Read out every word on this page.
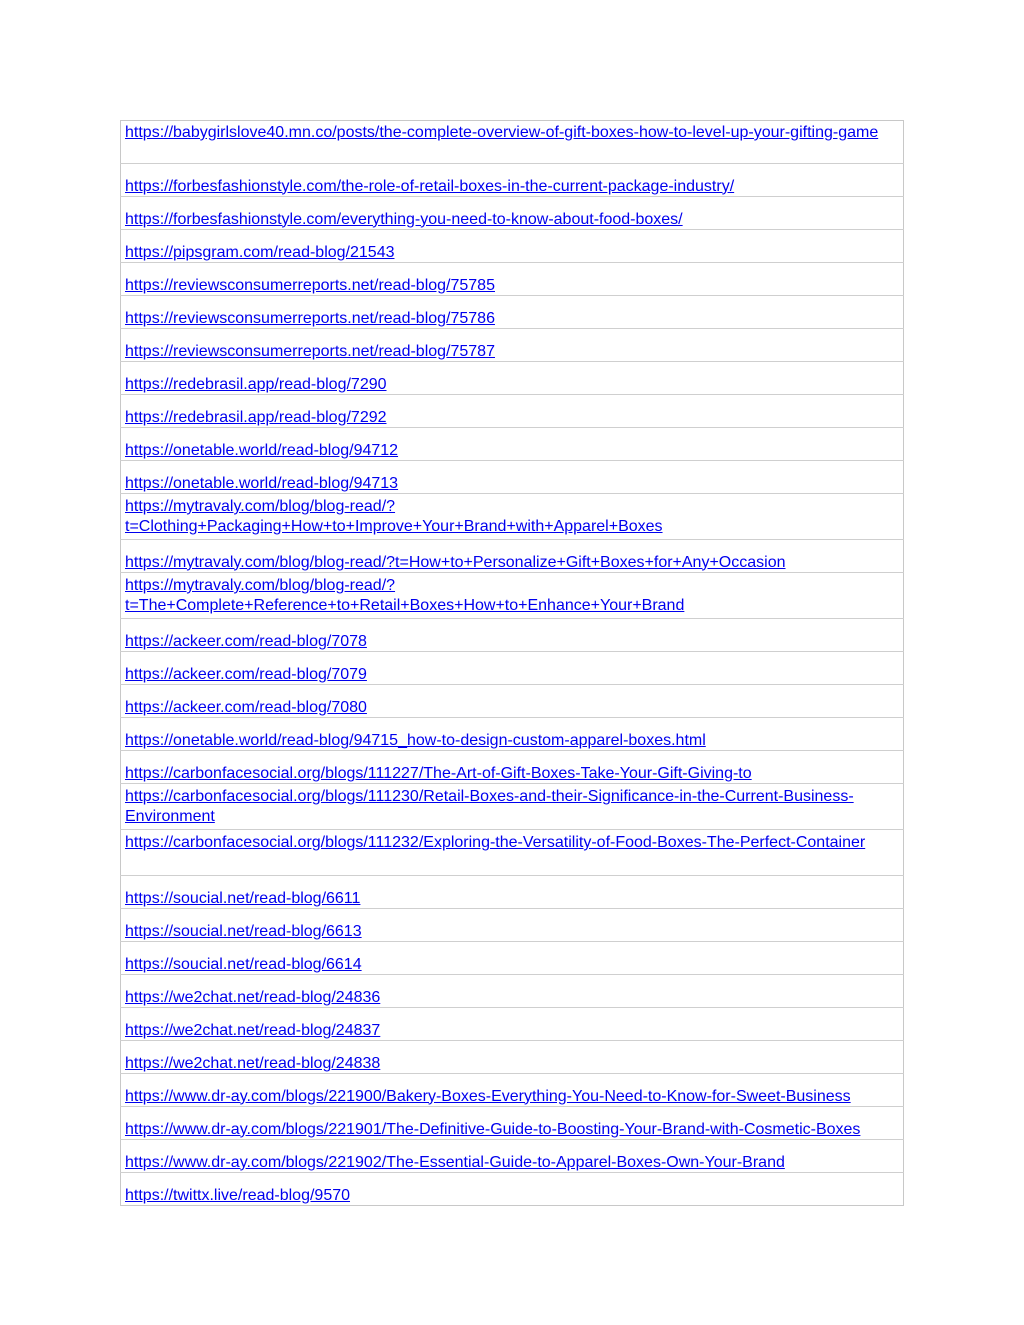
https://babygirlslove40.mn.co/posts/the-complete-overview-of-gift-boxes-how-to-level-up-your-gifting-game
https://forbesfashionstyle.com/the-role-of-retail-boxes-in-the-current-package-industry/
https://forbesfashionstyle.com/everything-you-need-to-know-about-food-boxes/
https://pipsgram.com/read-blog/21543
https://reviewsconsumerreports.net/read-blog/75785
https://reviewsconsumerreports.net/read-blog/75786
https://reviewsconsumerreports.net/read-blog/75787
https://redebrasil.app/read-blog/7290
https://redebrasil.app/read-blog/7292
https://onetable.world/read-blog/94712
https://onetable.world/read-blog/94713
https://mytravaly.com/blog/blog-read/?t=Clothing+Packaging+How+to+Improve+Your+Brand+with+Apparel+Boxes
https://mytravaly.com/blog/blog-read/?t=How+to+Personalize+Gift+Boxes+for+Any+Occasion
https://mytravaly.com/blog/blog-read/?t=The+Complete+Reference+to+Retail+Boxes+How+to+Enhance+Your+Brand
https://ackeer.com/read-blog/7078
https://ackeer.com/read-blog/7079
https://ackeer.com/read-blog/7080
https://onetable.world/read-blog/94715_how-to-design-custom-apparel-boxes.html
https://carbonfacesocial.org/blogs/111227/The-Art-of-Gift-Boxes-Take-Your-Gift-Giving-to
https://carbonfacesocial.org/blogs/111230/Retail-Boxes-and-their-Significance-in-the-Current-Business-Environment
https://carbonfacesocial.org/blogs/111232/Exploring-the-Versatility-of-Food-Boxes-The-Perfect-Container
https://soucial.net/read-blog/6611
https://soucial.net/read-blog/6613
https://soucial.net/read-blog/6614
https://we2chat.net/read-blog/24836
https://we2chat.net/read-blog/24837
https://we2chat.net/read-blog/24838
https://www.dr-ay.com/blogs/221900/Bakery-Boxes-Everything-You-Need-to-Know-for-Sweet-Business
https://www.dr-ay.com/blogs/221901/The-Definitive-Guide-to-Boosting-Your-Brand-with-Cosmetic-Boxes
https://www.dr-ay.com/blogs/221902/The-Essential-Guide-to-Apparel-Boxes-Own-Your-Brand
https://twittx.live/read-blog/9570
